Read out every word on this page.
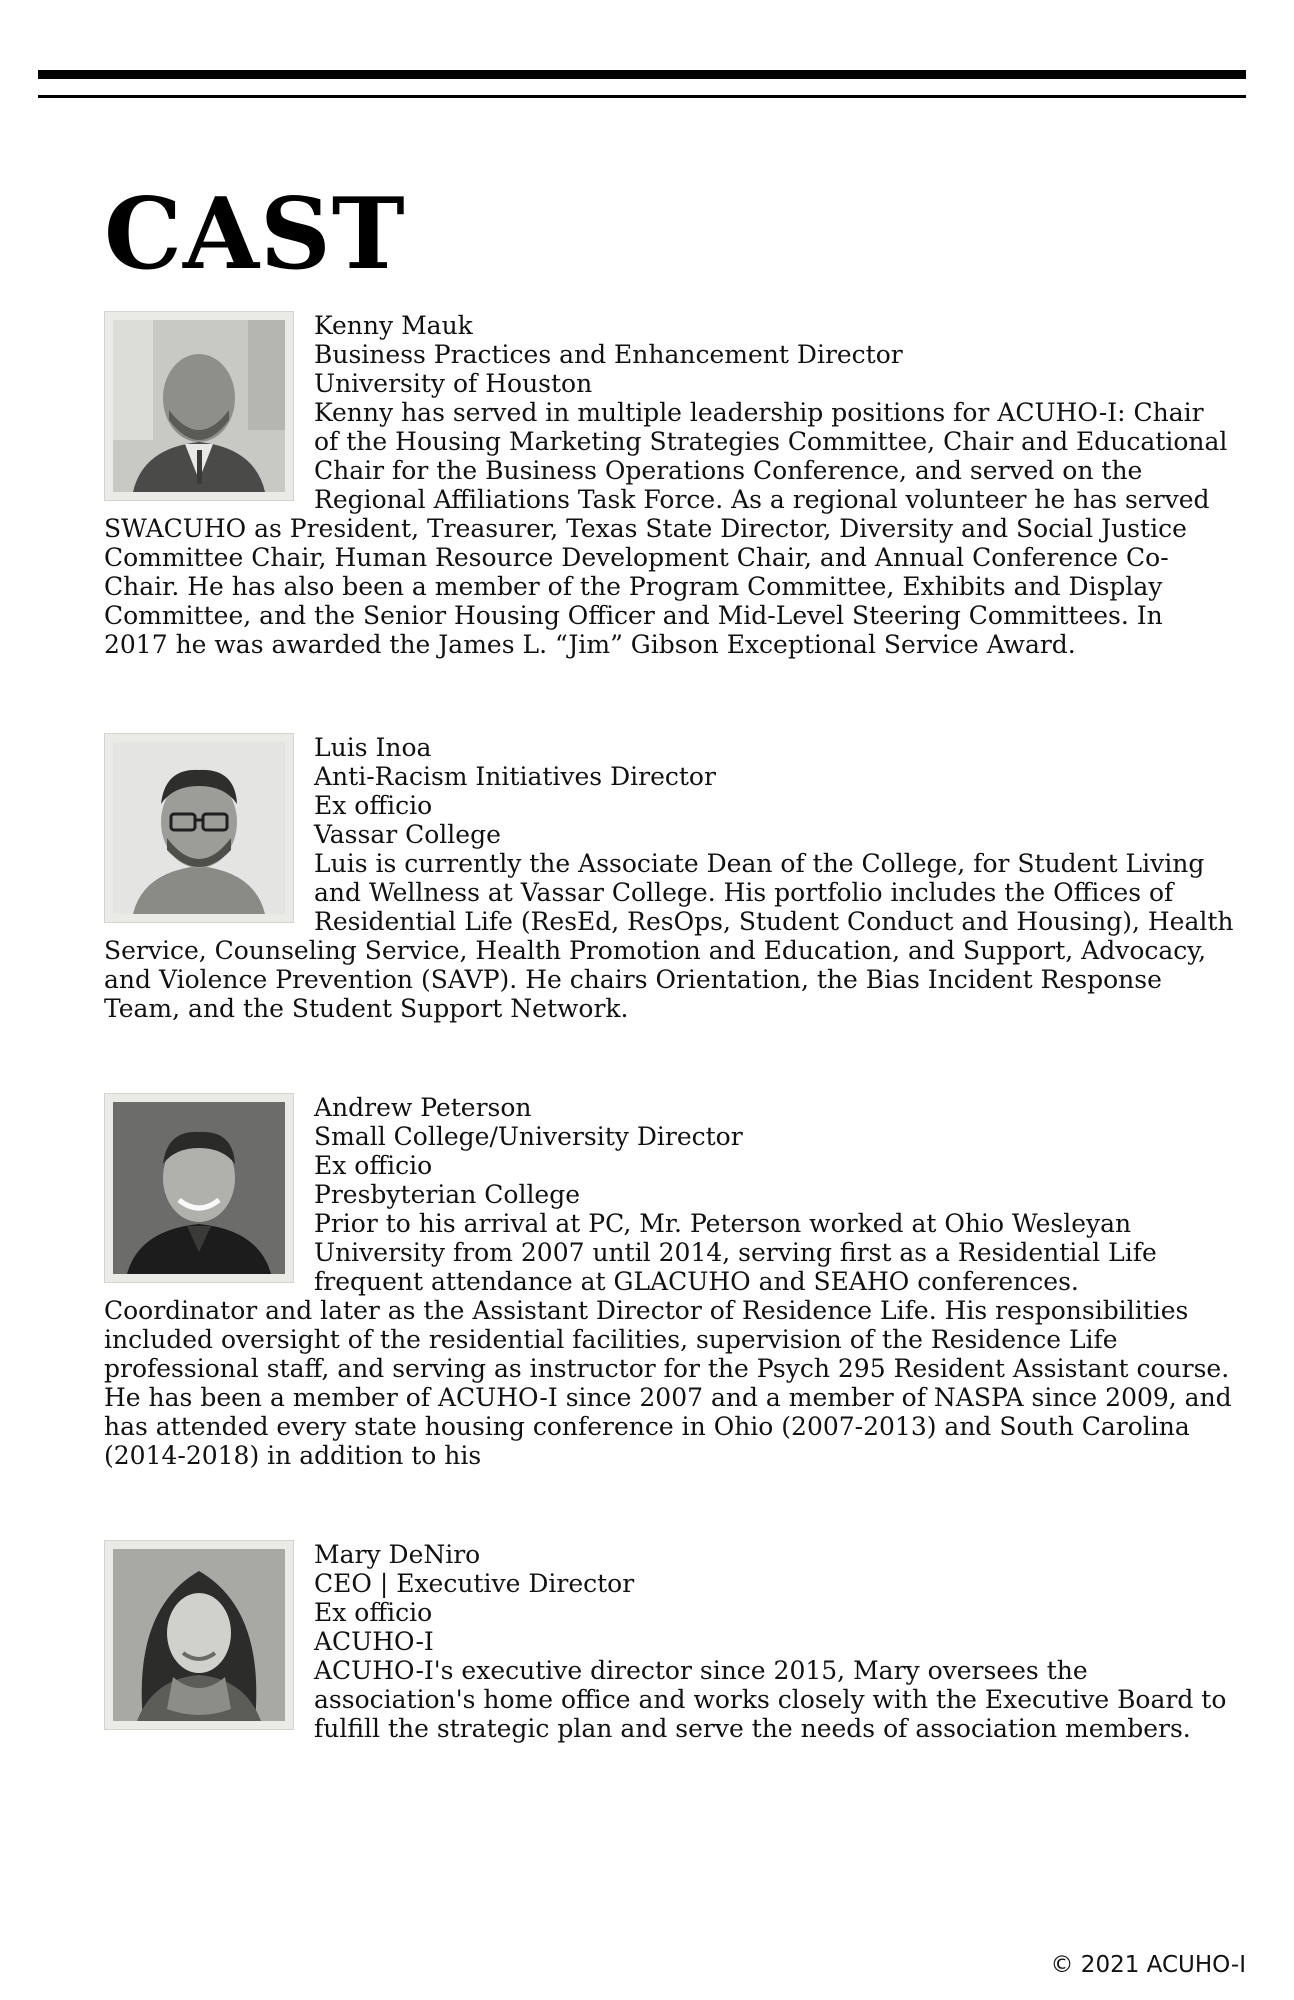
CAST
Kenny Mauk
Business Practices and Enhancement Director
University of Houston
Kenny has served in multiple leadership positions for ACUHO-I: Chair of the Housing Marketing Strategies Committee, Chair and Educational Chair for the Business Operations Conference, and served on the Regional Affiliations Task Force. As a regional volunteer he has served SWACUHO as President, Treasurer, Texas State Director, Diversity and Social Justice Committee Chair, Human Resource Development Chair, and Annual Conference Co-Chair. He has also been a member of the Program Committee, Exhibits and Display Committee, and the Senior Housing Officer and Mid-Level Steering Committees. In 2017 he was awarded the James L. “Jim” Gibson Exceptional Service Award.
Luis Inoa
Anti-Racism Initiatives Director
Ex officio
Vassar College
Luis is currently the Associate Dean of the College, for Student Living and Wellness at Vassar College. His portfolio includes the Offices of Residential Life (ResEd, ResOps, Student Conduct and Housing), Health Service, Counseling Service, Health Promotion and Education, and Support, Advocacy, and Violence Prevention (SAVP). He chairs Orientation, the Bias Incident Response Team, and the Student Support Network.
Andrew Peterson
Small College/University Director
Ex officio
Presbyterian College
Prior to his arrival at PC, Mr. Peterson worked at Ohio Wesleyan University from 2007 until 2014, serving first as a Residential Life frequent attendance at GLACUHO and SEAHO conferences. Coordinator and later as the Assistant Director of Residence Life. His responsibilities included oversight of the residential facilities, supervision of the Residence Life professional staff, and serving as instructor for the Psych 295 Resident Assistant course. He has been a member of ACUHO-I since 2007 and a member of NASPA since 2009, and has attended every state housing conference in Ohio (2007-2013) and South Carolina (2014-2018) in addition to his
Mary DeNiro
CEO | Executive Director
Ex officio
ACUHO-I
ACUHO-I's executive director since 2015, Mary oversees the association's home office and works closely with the Executive Board to fulfill the strategic plan and serve the needs of association members.
© 2021 ACUHO-I
